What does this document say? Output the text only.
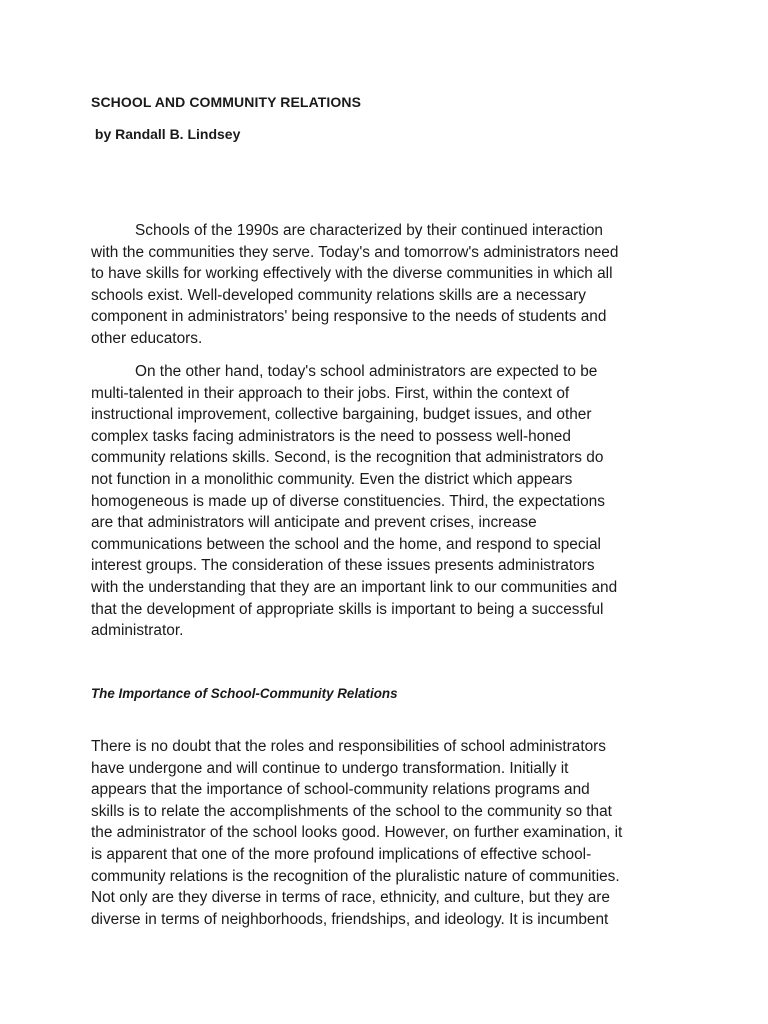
SCHOOL AND COMMUNITY RELATIONS
by Randall B. Lindsey

Schools of the 1990s are characterized by their continued interaction
with the communities they serve. Today's and tomorrow's administrators need
to have skills for working effectively with the diverse communities in which all
schools exist. Well-developed community relations skills are a necessary
component in administrators' being responsive to the needs of students and
other educators.

On the other hand, today's school administrators are expected to be
multi-talented in their approach to their jobs. First, within the context of
instructional improvement, collective bargaining, budget issues, and other
complex tasks facing administrators is the need to possess well-honed
community relations skills. Second, is the recognition that administrators do
not function in a monolithic community. Even the district which appears
homogeneous is made up of diverse constituencies. Third, the expectations
are that administrators will anticipate and prevent crises, increase
communications between the school and the home, and respond to special
interest groups. The consideration of these issues presents administrators
with the understanding that they are an important link to our communities and
that the development of appropriate skills is important to being a successful
administrator.

The Importance of School-Community Relations

There is no doubt that the roles and responsibilities of school administrators
have undergone and will continue to undergo transformation. Initially it
appears that the importance of school-community relations programs and
skills is to relate the accomplishments of the school to the community so that
the administrator of the school looks good. However, on further examination, it
is apparent that one of the more profound implications of effective school-
community relations is the recognition of the pluralistic nature of communities.
Not only are they diverse in terms of race, ethnicity, and culture, but they are
diverse in terms of neighborhoods, friendships, and ideology. It is incumbent
